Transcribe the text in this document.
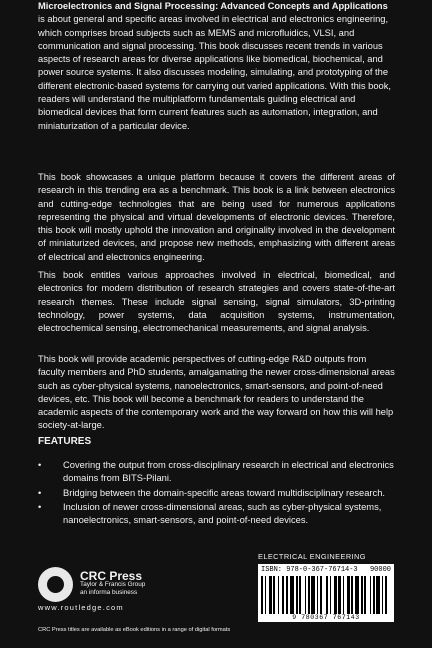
Microelectronics and Signal Processing: Advanced Concepts and Applications is about general and specific areas involved in electrical and electronics engineering, which comprises broad subjects such as MEMS and microfluidics, VLSI, and communication and signal processing. This book discusses recent trends in various aspects of research areas for diverse applications like biomedical, biochemical, and power source systems. It also discusses modeling, simulating, and prototyping of the different electronic-based systems for carrying out varied applications. With this book, readers will understand the multiplatform fundamentals guiding electrical and biomedical devices that form current features such as automation, integration, and miniaturization of a particular device.

This book showcases a unique platform because it covers the different areas of research in this trending era as a benchmark. This book is a link between electronics and cutting-edge technologies that are being used for numerous applications representing the physical and virtual developments of electronic devices. Therefore, this book will mostly uphold the innovation and originality involved in the development of miniaturized devices, and propose new methods, emphasizing with different areas of electrical and electronics engineering.
This book entitles various approaches involved in electrical, biomedical, and electronics for modern distribution of research strategies and covers state-of-the-art research themes. These include signal sensing, signal simulators, 3D-printing technology, power systems, data acquisition systems, instrumentation, electrochemical sensing, electromechanical measurements, and signal analysis.
This book will provide academic perspectives of cutting-edge R&D outputs from faculty members and PhD students, amalgamating the newer cross-dimensional areas such as cyber-physical systems, nanoelectronics, smart-sensors, and point-of-need devices, etc. This book will become a benchmark for readers to understand the academic aspects of the contemporary work and the way forward on how this will help society-at-large.
FEATURES
• Covering the output from cross-disciplinary research in electrical and electronics domains from BITS-Pilani.
• Bridging between the domain-specific areas toward multidisciplinary research.
• Inclusion of newer cross-dimensional areas, such as cyber-physical systems, nanoelectronics, smart-sensors, and point-of-need devices.
CRC Press
Taylor & Francis Group
an informa business
www.routledge.com
CRC Press titles are available as eBook editions in a range of digital formats
ELECTRICAL ENGINEERING
ISBN: 978-0-367-76714-3 90000
9 780367 767143
